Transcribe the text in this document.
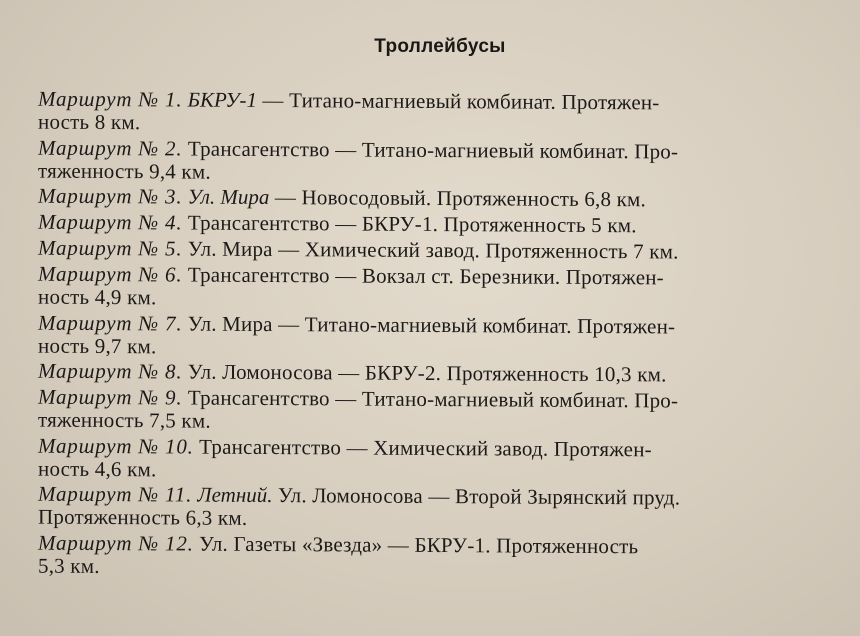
Троллейбусы
Маршрут № 1. БКРУ-1 — Титано-магниевый комбинат. Протяжен-
ность 8 км.
Маршрут № 2. Трансагентство — Титано-магниевый комбинат. Про-
тяженность 9,4 км.
Маршрут № 3. Ул. Мира — Новосодовый. Протяженность 6,8 км.
Маршрут № 4. Трансагентство — БКРУ-1. Протяженность 5 км.
Маршрут № 5. Ул. Мира — Химический завод. Протяженность 7 км.
Маршрут № 6. Трансагентство — Вокзал ст. Березники. Протяжен-
ность 4,9 км.
Маршрут № 7. Ул. Мира — Титано-магниевый комбинат. Протяжен-
ность 9,7 км.
Маршрут № 8. Ул. Ломоносова — БКРУ-2. Протяженность 10,3 км.
Маршрут № 9. Трансагентство — Титано-магниевый комбинат. Про-
тяженность 7,5 км.
Маршрут № 10. Трансагентство — Химический завод. Протяжен-
ность 4,6 км.
Маршрут № 11. Летний. Ул. Ломоносова — Второй Зырянский пруд.
Протяженность 6,3 км.
Маршрут № 12. Ул. Газеты «Звезда» — БКРУ-1. Протяженность
5,3 км.
